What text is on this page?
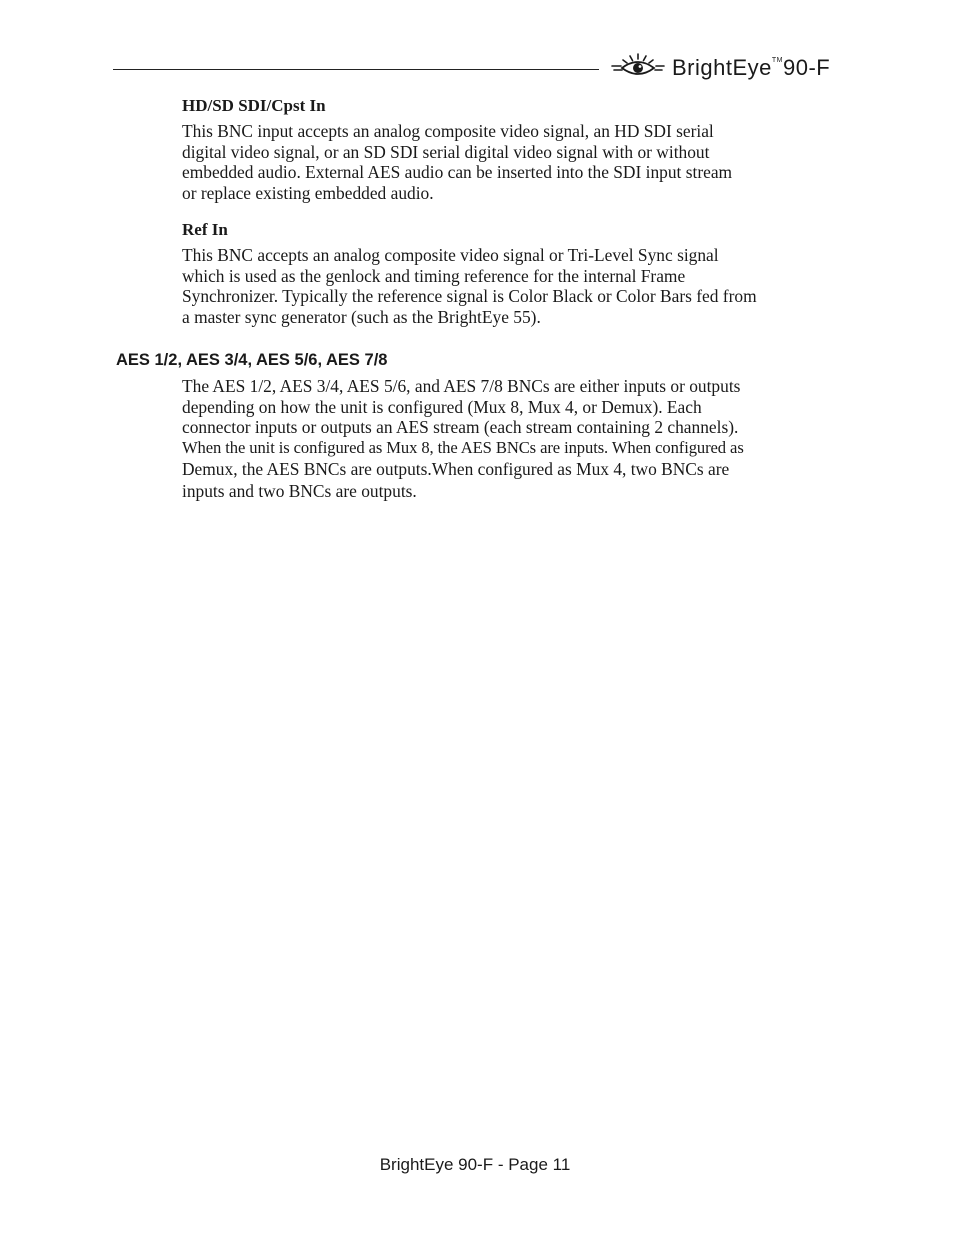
BrightEye™90-F
HD/SD SDI/Cpst In
This BNC input accepts an analog composite video signal, an HD SDI serial
digital video signal, or an SD SDI serial digital video signal with or without
embedded audio. External AES audio can be inserted into the SDI input stream
or replace existing embedded audio.
Ref In
This BNC accepts an analog composite video signal or Tri-Level Sync signal
which is used as the genlock and timing reference for the internal Frame
Synchronizer. Typically the reference signal is Color Black or Color Bars fed from
a master sync generator (such as the BrightEye 55).
AES 1/2, AES 3/4, AES 5/6, AES 7/8
The AES 1/2, AES 3/4, AES 5/6, and AES 7/8 BNCs are either inputs or outputs
depending on how the unit is configured (Mux 8, Mux 4, or Demux). Each
connector inputs or outputs an AES stream (each stream containing 2 channels).
When the unit is configured as Mux 8, the AES BNCs are inputs. When configured as
Demux, the AES BNCs are outputs.When configured as Mux 4, two BNCs are
inputs and two BNCs are outputs.
BrightEye 90-F - Page 11
